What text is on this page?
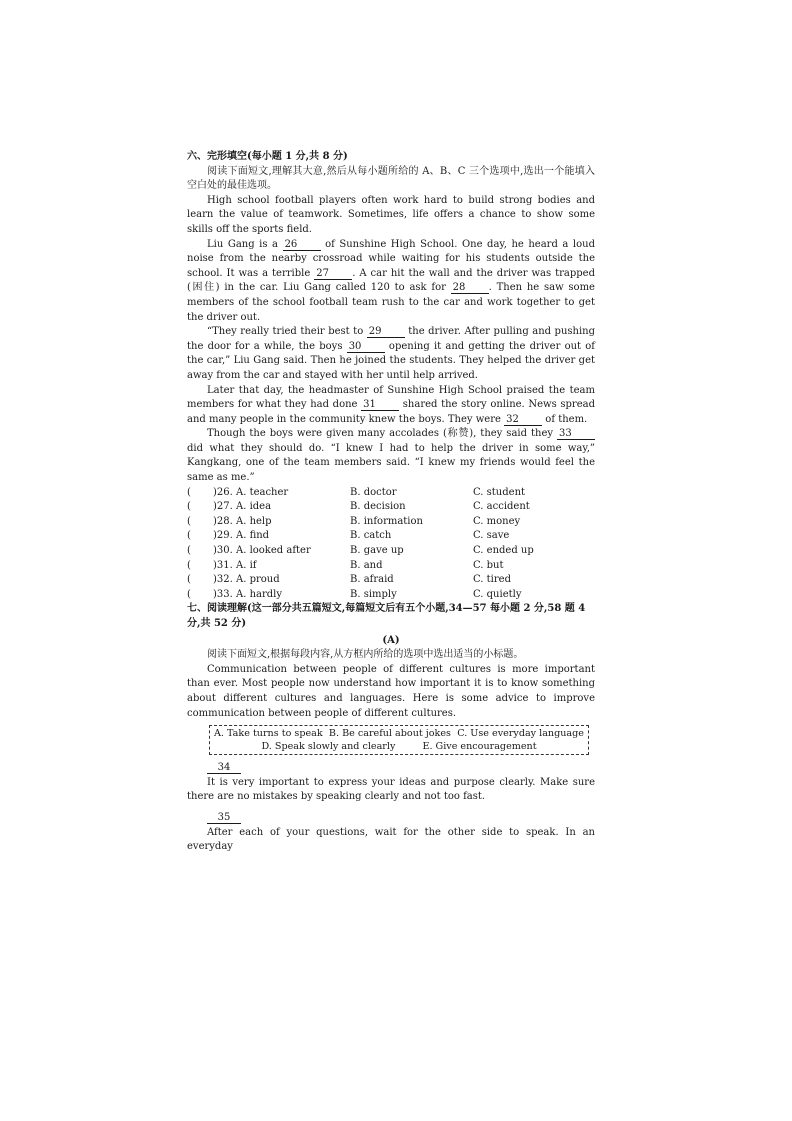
六、完形填空(每小题 1 分,共 8 分)

阅读下面短文,理解其大意,然后从每小题所给的 A、B、C 三个选项中,选出一个能填入空白处的最佳选项。

High school football players often work hard to build strong bodies and learn the value of teamwork. Sometimes, life offers a chance to show some skills off the sports field.

Liu Gang is a 26	of Sunshine High School. One day, he heard a loud noise from the nearby crossroad while waiting for his students outside the school. It was a terrible 27 . A car hit the wall and the driver was trapped (困住) in the car. Liu Gang called 120 to ask for 28 . Then he saw some members of the school football team rush to the car and work together to get the driver out.

“They really tried their best to 29	the driver. After pulling and pushing the door for a while, the boys 30	opening it and getting the driver out of the car,” Liu Gang said. Then he joined the students. They helped the driver get away from the car and stayed with her until help arrived.

Later that day, the headmaster of Sunshine High School praised the team members for what they had done 31	shared the story online. News spread and many people in the community knew the boys. They were 32	of them.

Though the boys were given many accolades (称赞), they said they 33 did what they should do. “I knew I had to help the driver in some way,” Kangkang, one of the team members said. “I knew my friends would feel the same as me.”

(	)26. A. teacher	B. doctor	C. student
(	)27. A. idea	B. decision	C. accident
(	)28. A. help	B. information	C. money
(	)29. A. find	B. catch	C. save
(	)30. A. looked after	B. gave up	C. ended up
(	)31. A. if	B. and	C. but
(	)32. A. proud	B. afraid	C. tired
(	)33. A. hardly	B. simply	C. quietly
七、阅读理解(这一部分共五篇短文,每篇短文后有五个小题,34—57 每小题 2 分,58 题 4 分,共 52 分)
(A)

阅读下面短文,根据每段内容,从方框内所给的选项中选出适当的小标题。

Communication between people of different cultures is more important than ever. Most people now understand how important it is to know something about different cultures and languages. Here is some advice to improve communication between people of different cultures.

A. Take turns to speak B. Be careful about jokes C. Use everyday language
D. Speak slowly and clearly	E. Give encouragement
34

It is very important to express your ideas and purpose clearly. Make sure there are no mistakes by speaking clearly and not too fast.

35

After each of your questions, wait for the other side to speak. In an everyday
